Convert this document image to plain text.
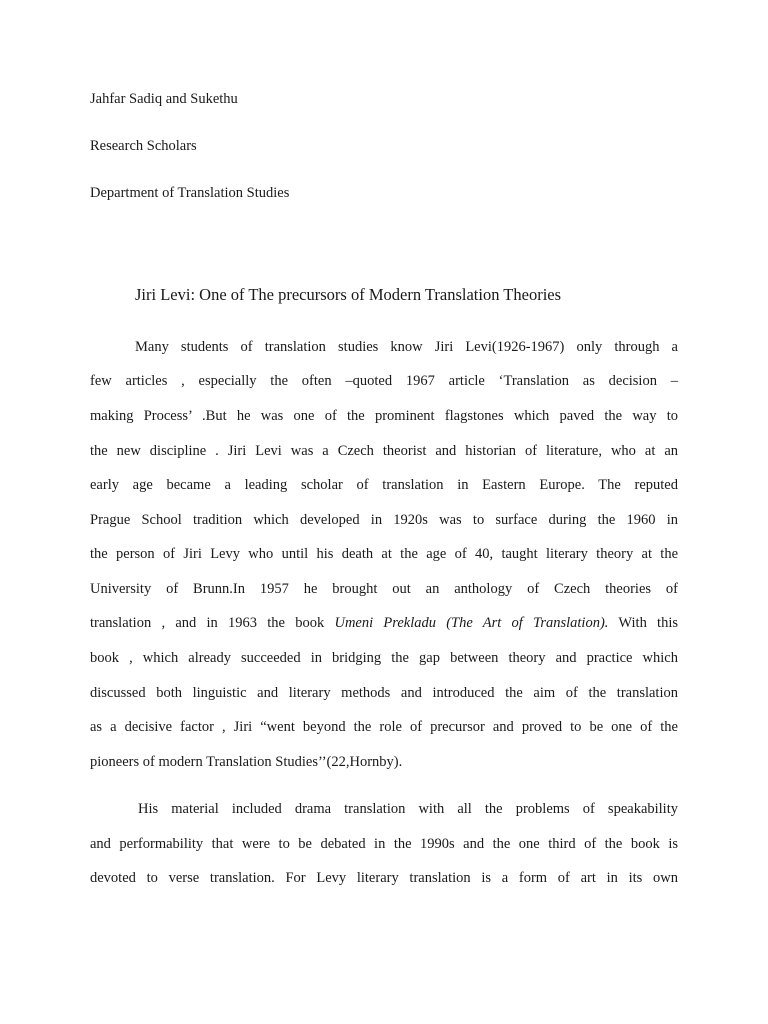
Jahfar Sadiq and Sukethu
Research Scholars
Department of Translation Studies
Jiri Levi: One of The precursors of Modern Translation Theories
Many students of translation studies know Jiri Levi(1926-1967) only through a
few articles , especially the often –quoted 1967 article ‘Translation as decision –
making Process’ .But he was one of the prominent flagstones which paved the way to
the new discipline . Jiri Levi was a Czech theorist and historian of literature, who at an
early age became a leading scholar of translation in Eastern Europe. The reputed
Prague School tradition which developed in 1920s was to surface during the 1960 in
the person of Jiri Levy who until his death at the age of 40, taught literary theory at the
University of Brunn.In 1957 he brought out an anthology of Czech theories of
translation , and in 1963 the book Umeni Prekladu (The Art of Translation). With this
book , which already succeeded in bridging the gap between theory and practice which
discussed both linguistic and literary methods and introduced the aim of the translation
as a decisive factor , Jiri “went beyond the role of precursor and proved to be one of the
pioneers of modern Translation Studies’’(22,Hornby).
His material included drama translation with all the problems of speakability
and performability that were to be debated in the 1990s and the one third of the book is
devoted to verse translation. For Levy literary translation is a form of art in its own
